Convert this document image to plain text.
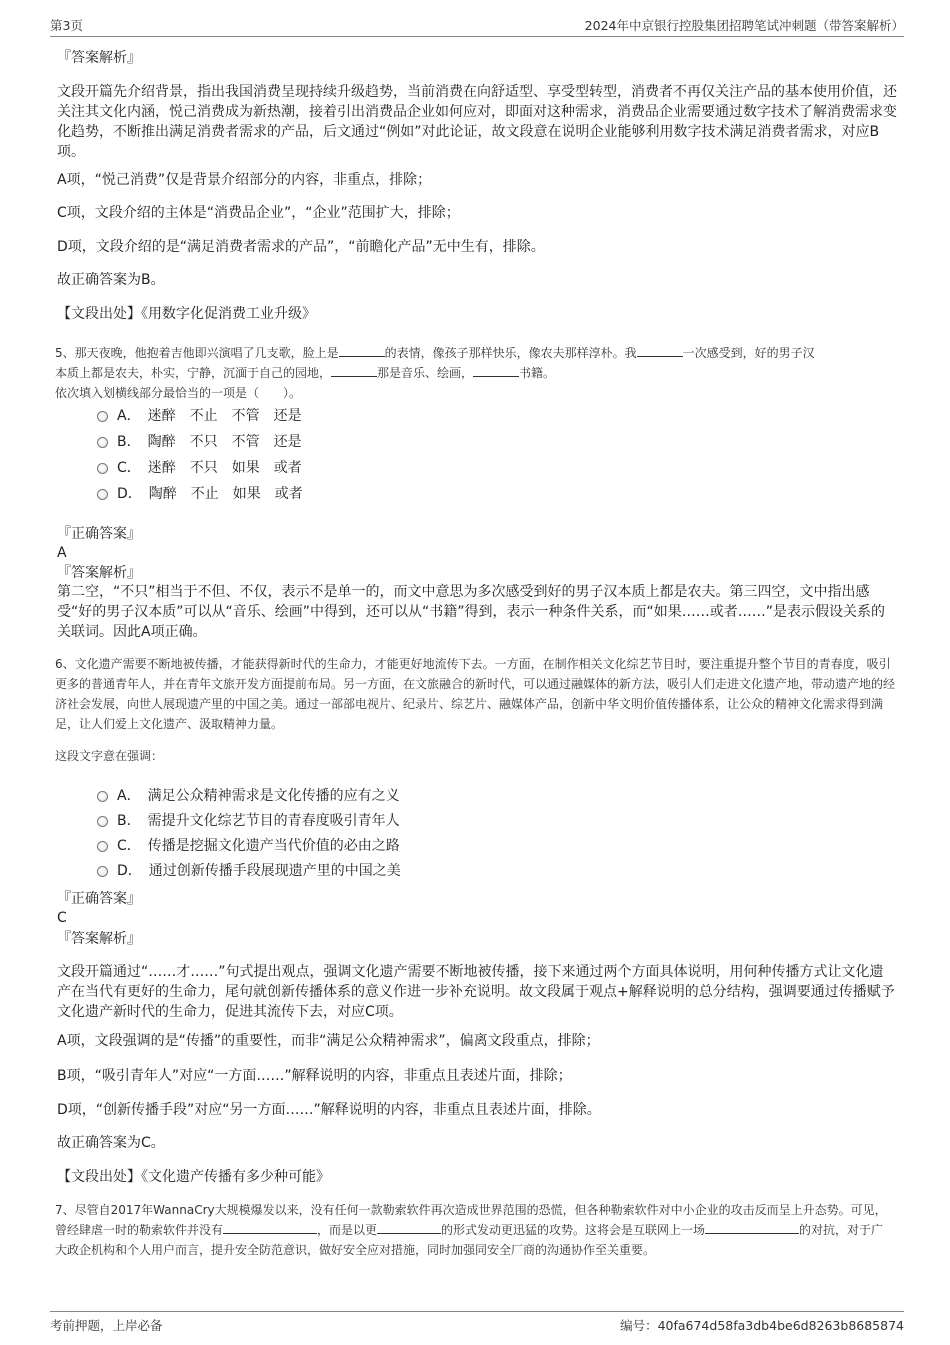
第3页	2024年中京银行控股集团招聘笔试冲刺题（带答案解析）

『答案解析』

文段开篇先介绍背景，指出我国消费呈现持续升级趋势，当前消费在向舒适型、享受型转型，消费者不再仅关注产品的基本使用价值，还关注其文化内涵，悦己消费成为新热潮，接着引出消费品企业如何应对，即面对这种需求，消费品企业需要通过数字技术了解消费需求变化趋势，不断推出满足消费者需求的产品，后文通过“例如”对此论证，故文段意在说明企业能够利用数字技术满足消费者需求，对应B项。

A项，“悦己消费”仅是背景介绍部分的内容，非重点，排除；

C项，文段介绍的主体是“消费品企业”，“企业”范围扩大，排除；

D项，文段介绍的是“满足消费者需求的产品”，“前瞻化产品”无中生有，排除。

故正确答案为B。

【文段出处】《用数字化促消费工业升级》

5、那天夜晚，他抱着吉他即兴演唱了几支歌，脸上是	的表情，像孩子那样快乐，像农夫那样淳朴。我	一次感受到，好的男子汉
本质上都是农夫，朴实，宁静，沉湎于自己的园地，	那是音乐、绘画，	书籍。

依次填入划横线部分最恰当的一项是（　　）。

A．　迷醉　不止　不管　还是
B．　陶醉　不只　不管　还是
C．　迷醉　不只　如果　或者
D．　陶醉　不止　如果　或者

『正确答案』

A

『答案解析』

第二空，“不只”相当于不但、不仅，表示不是单一的，而文中意思为多次感受到好的男子汉本质上都是农夫。第三四空，文中指出感受“好的男子汉本质”可以从“音乐、绘画”中得到，还可以从“书籍”得到，表示一种条件关系，而“如果……或者……”是表示假设关系的关联词。因此A项正确。

6、文化遗产需要不断地被传播，才能获得新时代的生命力，才能更好地流传下去。一方面，在制作相关文化综艺节目时，要注重提升整个节目的青春度，吸引更多的普通青年人，并在青年文旅开发方面提前布局。另一方面，在文旅融合的新时代，可以通过融媒体的新方法，吸引人们走进文化遗产地，带动遗产地的经济社会发展，向世人展现遗产里的中国之美。通过一部部电视片、纪录片、综艺片、融媒体产品，创新中华文明价值传播体系，让公众的精神文化需求得到满足，让人们爱上文化遗产、汲取精神力量。

这段文字意在强调：

A．　满足公众精神需求是文化传播的应有之义
B．　需提升文化综艺节目的青春度吸引青年人
C．　传播是挖掘文化遗产当代价值的必由之路
D．　通过创新传播手段展现遗产里的中国之美

『正确答案』

C

『答案解析』

文段开篇通过“……才……”句式提出观点，强调文化遗产需要不断地被传播，接下来通过两个方面具体说明，用何种传播方式让文化遗产在当代有更好的生命力，尾句就创新传播体系的意义作进一步补充说明。故文段属于观点+解释说明的总分结构，强调要通过传播赋予文化遗产新时代的生命力，促进其流传下去，对应C项。

A项，文段强调的是“传播”的重要性，而非“满足公众精神需求”，偏离文段重点，排除；

B项，“吸引青年人”对应“一方面……”解释说明的内容，非重点且表述片面，排除；

D项，“创新传播手段”对应“另一方面……”解释说明的内容，非重点且表述片面，排除。

故正确答案为C。

【文段出处】《文化遗产传播有多少种可能》

7、尽管自2017年WannaCry大规模爆发以来，没有任何一款勒索软件再次造成世界范围的恐慌，但各种勒索软件对中小企业的攻击反而呈上升态势。可见，曾经肆虐一时的勒索软件并没有	，而是以更	的形式发动更迅猛的攻势。这将会是互联网上一场	的对抗，对于广大政企机构和个人用户而言，提升安全防范意识，做好安全应对措施，同时加强同安全厂商的沟通协作至关重要。

考前押题，上岸必备	编号：40fa674d58fa3db4be6d8263b8685874
